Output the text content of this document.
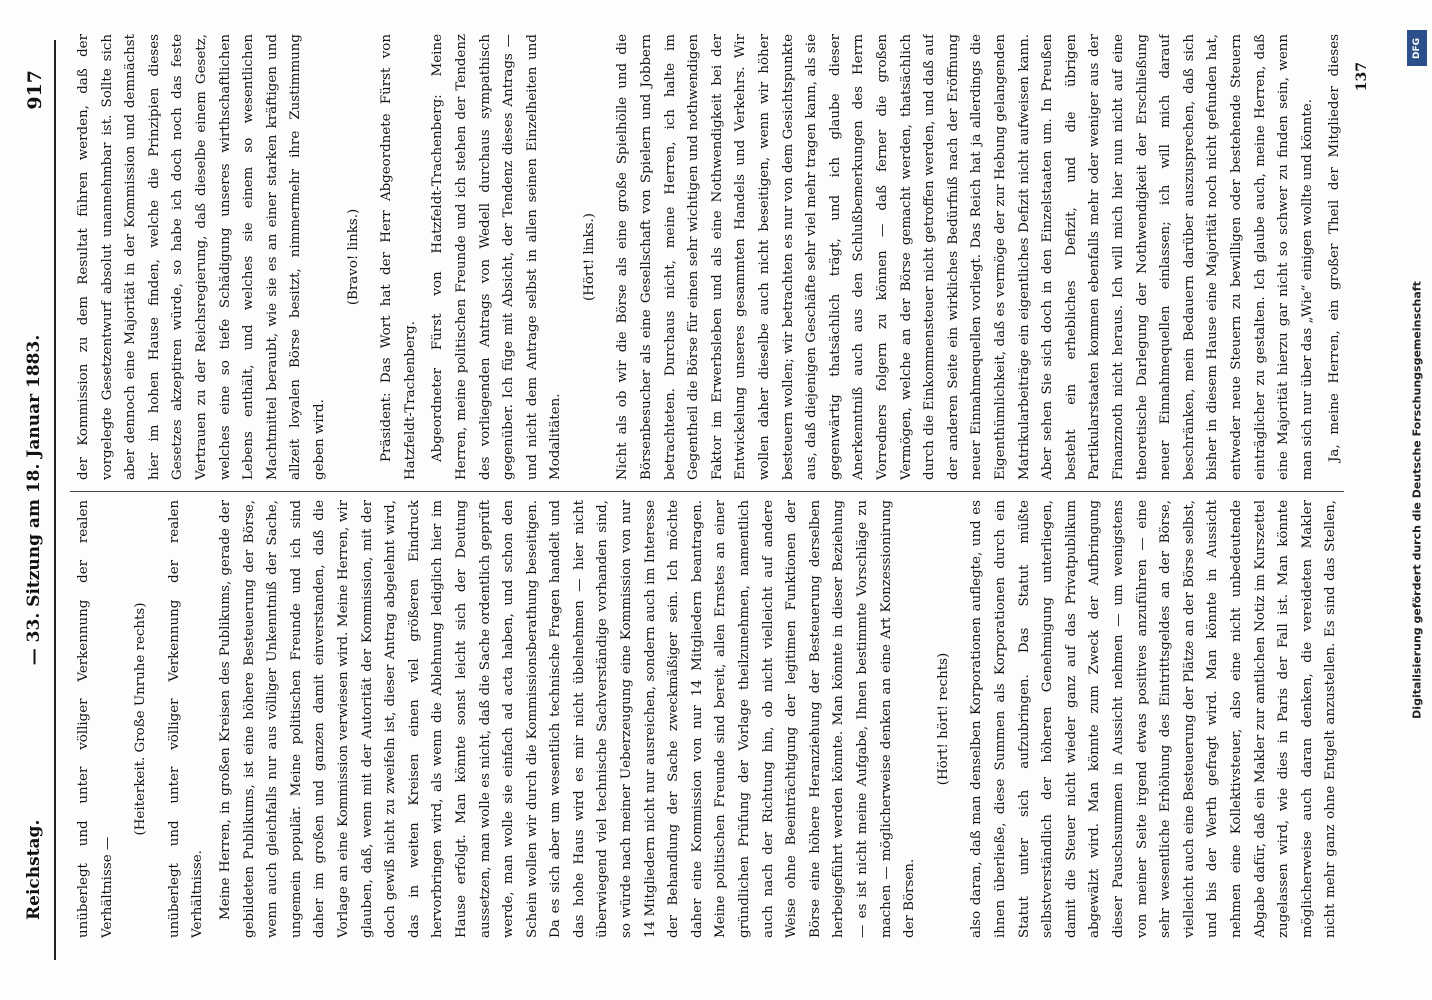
Reichstag.
— 33. Sitzung am 18. Januar 1883.
917

unüberlegt und unter völliger Verkennung der realen Verhältnisse —

(Heiterkeit. Große Unruhe rechts)	unüberlegt und unter völliger Verkennung der realen Verhältnisse. Meine Herren, in großen Kreisen des Publikums, gerade der gebildeten Publikums, ist eine höhere Besteuerung der Börse, wenn auch gleichfalls nur aus völliger Unkenntniß der Sache, ungemein populär. Meine politischen Freunde und ich sind daher im großen und ganzen damit einverstanden, daß die Vorlage an eine Kommission verwiesen wird. Meine Herren, wir glauben, daß, wenn mit der Autorität der Kommission, mit der doch gewiß nicht zu zweifeln ist, dieser Antrag abgelehnt wird, das in weiten Kreisen einen viel größeren Eindruck hervorbringen wird, als wenn die Ablehnung lediglich hier im Hause erfolgt. Man könnte sonst leicht sich der Deutung aussetzen, man wolle es nicht, daß die Sache ordentlich geprüft werde, man wolle sie einfach ad acta haben, und schon den Schein wollen wir durch die Kommissionsberathung beseitigen. Da es sich aber um wesentlich technische Fragen handelt und das hohe Haus wird es mir nicht übelnehmen — hier nicht überwiegend viel technische Sachverständige vorhanden sind, so würde nach meiner Ueberzeugung eine Kommission von nur 14 Mitgliedern nicht nur ausreichen, sondern auch im Interesse der Behandlung der Sache zweckmäßiger sein. Ich möchte daher eine Kommission von nur 14 Mitgliedern beantragen. Meine politischen Freunde sind bereit, allen Ernstes an einer gründlichen Prüfung der Vorlage theilzunehmen, namentlich auch nach der Richtung hin, ob nicht vielleicht auf andere Weise ohne Beeinträchtigung der legitimen Funktionen der Börse eine höhere Heranziehung der Besteuerung derselben herbeigeführt werden könnte. Man könnte in dieser Beziehung — es ist nicht meine Aufgabe, Ihnen bestimmte Vorschläge zu machen — möglicherweise denken an eine Art Konzessionirung der Börsen.

(Hört! hört! rechts)

also daran, daß man denselben Korporationen auflegte, und es ihnen überließe, diese Summen als Korporationen durch ein Statut unter sich aufzubringen. Das Statut müßte selbstverständlich der höheren Genehmigung unterliegen, damit die Steuer nicht wieder ganz auf das Privatpublikum abgewälzt wird. Man könnte zum Zweck der Aufbringung dieser Pauschsummen in Aussicht nehmen — um wenigstens von meiner Seite irgend etwas positives anzuführen — eine sehr wesentliche Erhöhung des Eintrittsgeldes an der Börse, vielleicht auch eine Besteuerung der Plätze an der Börse selbst, und bis der Werth gefragt wird. Man könnte in Aussicht nehmen eine Kollektivsteuer, also eine nicht unbedeutende Abgabe dafür, daß ein Makler zur amtlichen Notiz im Kurszettel zugelassen wird, wie dies in Paris der Fall ist. Man könnte möglicherweise auch daran denken, die vereideten Makler nicht mehr ganz ohne Entgelt anzustellen. Es sind das Stellen,

der Kommission zu dem Resultat führen werden, daß der vorgelegte Gesetzentwurf absolut unannehmbar ist. Sollte sich aber dennoch eine Majorität in der Kommission und demnächst hier im hohen Hause finden, welche die Prinzipien dieses Gesetzes akzeptiren würde, so habe ich doch noch das feste Vertrauen zu der Reichsregierung, daß dieselbe einem Gesetz, welches eine so tiefe Schädigung unseres wirthschaftlichen Lebens enthält, und welches sie einem so wesentlichen Machtmittel beraubt, wie sie es an einer starken kräftigen und allzeit loyalen Börse besitzt, nimmermehr ihre Zustimmung geben wird.

(Bravo! links.)	Präsident: Das Wort hat der Herr Abgeordnete Fürst von Hatzfeldt-Trachenberg. Abgeordneter Fürst von Hatzfeldt-Trachenberg: Meine Herren, meine politischen Freunde und ich stehen der Tendenz des vorliegenden Antrags von Wedell durchaus sympathisch gegenüber. Ich füge mit Absicht, der Tendenz dieses Antrags — und nicht dem Antrage selbst in allen seinen Einzelheiten und Modalitäten.

(Hört! links.)	Nicht als ob wir die Börse als eine große Spielhölle und die Börsenbesucher als eine Gesellschaft von Spielern und Jobbern betrachteten. Durchaus nicht, meine Herren, ich halte im Gegentheil die Börse für einen sehr wichtigen und nothwendigen Faktor im Erwerbsleben und als eine Nothwendigkeit bei der Entwickelung unseres gesammten Handels und Verkehrs. Wir wollen daher dieselbe auch nicht beseitigen, wenn wir höher besteuern wollen; wir betrachten es nur von dem Gesichtspunkte aus, daß diejenigen Geschäfte sehr viel mehr tragen kann, als sie gegenwärtig thatsächlich trägt, und ich glaube dieser Anerkenntniß auch aus den Schlußbemerkungen des Herrn Vorredners folgern zu können — daß ferner die großen Vermögen, welche an der Börse gemacht werden, thatsächlich durch die Einkommensteuer nicht getroffen werden, und daß auf der anderen Seite ein wirkliches Bedürfniß nach der Eröffnung neuer Einnahmequellen vorliegt. Das Reich hat ja allerdings die Eigenthümlichkeit, daß es vermöge der zur Hebung gelangenden Matrikularbeiträge ein eigentliches Defizit nicht aufweisen kann. Aber sehen Sie sich doch in den Einzelstaaten um. In Preußen besteht ein erhebliches Defizit, und die übrigen Partikularstaaten kommen ebenfalls mehr oder weniger aus der Finanznoth nicht heraus. Ich will mich hier nun nicht auf eine theoretische Darlegung der Nothwendigkeit der Erschließung neuer Einnahmequellen einlassen; ich will mich darauf beschränken, mein Bedauern darüber auszusprechen, daß sich bisher in diesem Hause eine Majorität noch nicht gefunden hat, entweder neue Steuern zu bewilligen oder bestehende Steuern einträglicher zu gestalten. Ich glaube auch, meine Herren, daß eine Majorität hierzu gar nicht so schwer zu finden sein, wenn man sich nur über das „Wie“ einigen wollte und könnte. Ja, meine Herren, ein großer Theil der Mitglieder dieses

137
DFG
Digitalisierung gefördert durch die Deutsche Forschungsgemeinschaft
